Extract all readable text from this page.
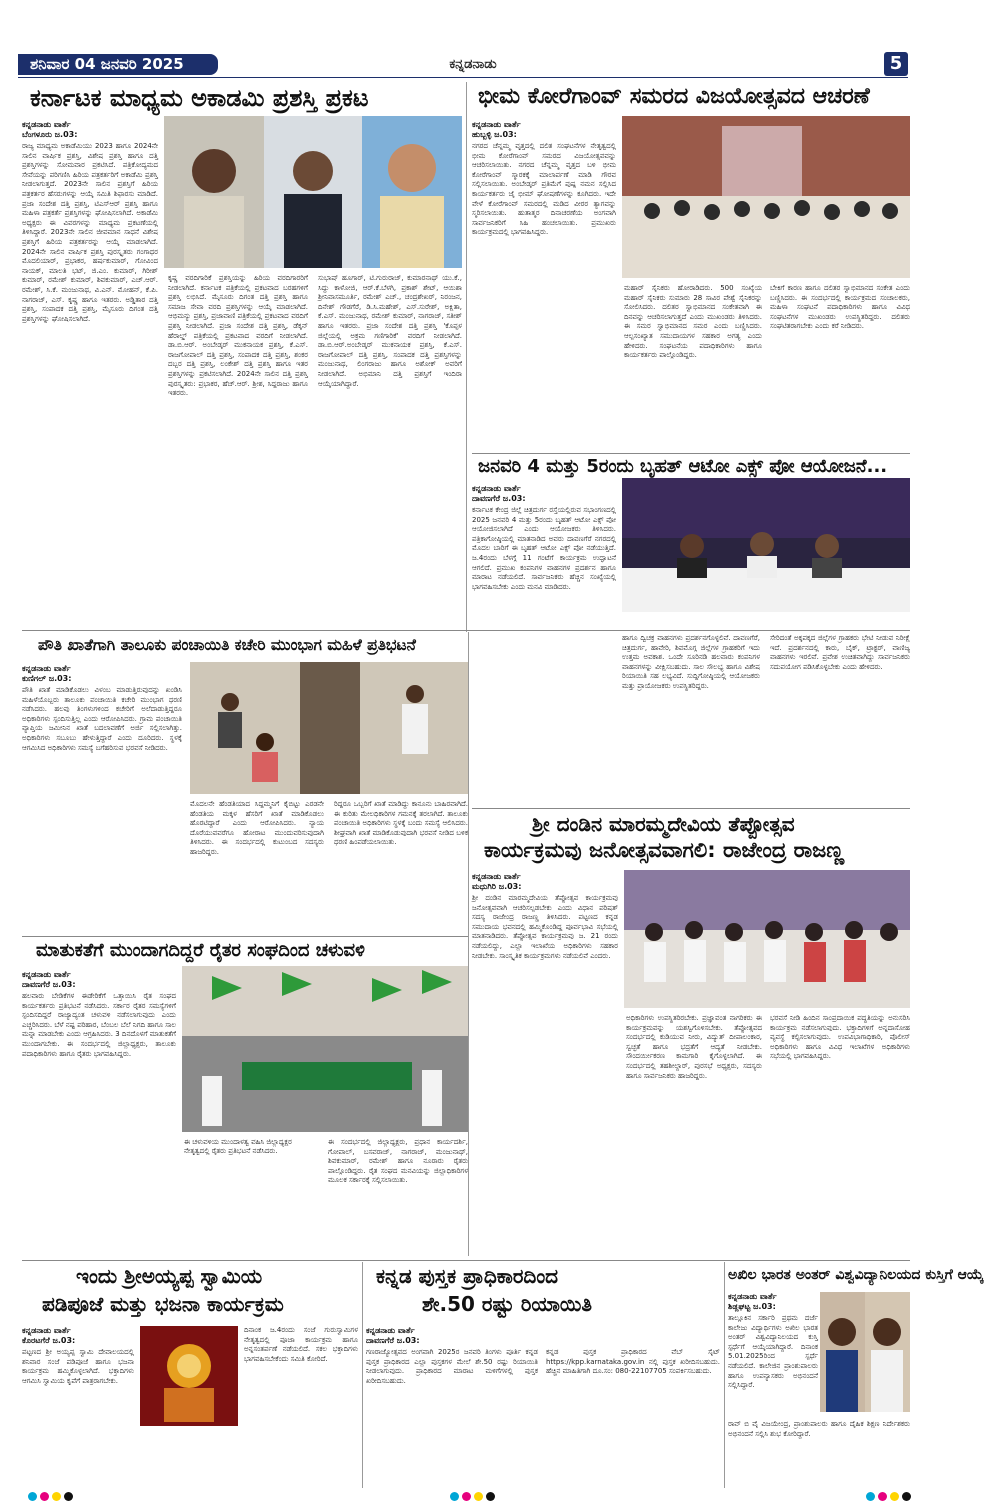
ಶನಿವಾರ 04 ಜನವರಿ 2025	ಕನ್ನಡನಾಡು	5
ಕರ್ನಾಟಕ ಮಾಧ್ಯಮ ಅಕಾಡಮಿ ಪ್ರಶಸ್ತಿ ಪ್ರಕಟ
ಕನ್ನಡನಾಡು ವಾರ್ತೆ
ಬೆಂಗಳೂರು ಜ.03:
ರಾಜ್ಯ ಮಾಧ್ಯಮ ಅಕಾಡೆಮಿಯು 2023 ಹಾಗೂ 2024ನೇ ಸಾಲಿನ ವಾರ್ಷಿಕ ಪ್ರಶಸ್ತಿ, ವಿಶೇಷ ಪ್ರಶಸ್ತಿ ಹಾಗೂ ದತ್ತಿ ಪ್ರಶಸ್ತಿಗಳನ್ನು ಸೋಮವಾರ ಪ್ರಕಟಿಸಿದೆ. ಪತ್ರಿಕೋದ್ಯಮದ ಸೇವೆಯನ್ನು ಪರಿಗಣಿಸಿ ಹಿರಿಯ ಪತ್ರಕರ್ತರಿಗೆ ಅಕಾಡೆಮಿ ಪ್ರಶಸ್ತಿ ನೀಡಲಾಗುತ್ತದೆ. 2023ನೇ ಸಾಲಿನ ಪ್ರಶಸ್ತಿಗೆ ಹಿರಿಯ ಪತ್ರಕರ್ತರ ಹೆಸರುಗಳನ್ನು ಆಯ್ಕೆ ಸಮಿತಿ ಶಿಫಾರಸು ಮಾಡಿದೆ. ಪ್ರಜಾ ಸಂದೇಶ ದತ್ತಿ ಪ್ರಶಸ್ತಿ, ಟಿಎಸ್ಆರ್ ಪ್ರಶಸ್ತಿ ಹಾಗೂ ಮಹಿಳಾ ಪತ್ರಕರ್ತೆ ಪ್ರಶಸ್ತಿಗಳನ್ನು ಘೋಷಿಸಲಾಗಿದೆ. ಅಕಾಡೆಮಿ ಅಧ್ಯಕ್ಷರು ಈ ವಿವರಗಳನ್ನು ಮಾಧ್ಯಮ ಪ್ರಕಟಣೆಯಲ್ಲಿ ತಿಳಿಸಿದ್ದಾರೆ. 2023ನೇ ಸಾಲಿನ ಜೀವಮಾನ ಸಾಧನೆ ವಿಶೇಷ ಪ್ರಶಸ್ತಿಗೆ ಹಿರಿಯ ಪತ್ರಕರ್ತರನ್ನು ಆಯ್ಕೆ ಮಾಡಲಾಗಿದೆ. 2024ನೇ ಸಾಲಿನ ವಾರ್ಷಿಕ ಪ್ರಶಸ್ತಿ ಪುರಸ್ಕೃತರು ಗಂಗಾಧರ ಮೊದಲಿಯಾರ್, ಪ್ರಭಾಕರ, ಹರ್ಷಕುಮಾರ್, ಗೋವಿಂದ ನಾಯಕ್, ಮಾಲತಿ ಭಟ್, ಜಿ.ಎಂ. ಕುಮಾರ್, ಗಿರೀಶ್ ಕುಮಾರ್, ರಮೇಶ್ ಕುಮಾರ್, ಶಿವಕುಮಾರ್, ಎಚ್.ಆರ್. ರಮೇಶ್, ಸಿ.ಕೆ. ಮಂಜುನಾಥ, ವಿ.ಎನ್. ಮೋಹನ್, ಕೆ.ಪಿ. ನಾಗರಾಜ್, ಎಸ್. ಕೃಷ್ಣ ಹಾಗೂ ಇತರರು. ಅಡ್ಡಿತಾರ ದತ್ತಿ ಪ್ರಶಸ್ತಿ, ಸಂಪಾದಕ ದತ್ತಿ ಪ್ರಶಸ್ತಿ, ಮೈಸೂರು ದಿಗಂತ ದತ್ತಿ ಪ್ರಶಸ್ತಿಗಳನ್ನು ಘೋಷಿಸಲಾಗಿದೆ.
ಕೃಷ್ಣ ವರದಿಗಾರಿಕೆ ಪ್ರಶಸ್ತಿಯನ್ನು ಹಿರಿಯ ವರದಿಗಾರರಿಗೆ ನೀಡಲಾಗಿದೆ. ಕರ್ನಾಟಕ ಪತ್ರಿಕೆಯಲ್ಲಿ ಪ್ರಕಟವಾದ ಬರಹಗಳಿಗೆ ಪ್ರಶಸ್ತಿ ಲಭಿಸಿದೆ. ಮೈಸೂರು ದಿಗಂತ ದತ್ತಿ ಪ್ರಶಸ್ತಿ ಹಾಗೂ ಸಮಾಜ ಸೇವಾ ವರದಿ ಪ್ರಶಸ್ತಿಗಳನ್ನು ಆಯ್ಕೆ ಮಾಡಲಾಗಿದೆ. ಆಭಿಮನ್ಯು ಪ್ರಶಸ್ತಿ, ಪ್ರಜಾವಾಣಿ ಪತ್ರಿಕೆಯಲ್ಲಿ ಪ್ರಕಟವಾದ ವರದಿಗೆ ಪ್ರಶಸ್ತಿ ನೀಡಲಾಗಿದೆ. ಪ್ರಜಾ ಸಂದೇಶ ದತ್ತಿ ಪ್ರಶಸ್ತಿ, ಡೆಕ್ಕನ್ ಹೆರಾಲ್ಡ್ ಪತ್ರಿಕೆಯಲ್ಲಿ ಪ್ರಕಟವಾದ ವರದಿಗೆ ನೀಡಲಾಗಿದೆ. ಡಾ.ಬಿ.ಆರ್. ಅಂಬೇಡ್ಕರ್ ಮುಕನಾಯಕ ಪ್ರಶಸ್ತಿ, ಕೆ.ಎಸ್. ರಾಜಗೋಪಾಲ್ ದತ್ತಿ ಪ್ರಶಸ್ತಿ, ಸಂಪಾದಕ ದತ್ತಿ ಪ್ರಶಸ್ತಿ, ಶಂಕರ ದಬ್ಬರ ದತ್ತಿ ಪ್ರಶಸ್ತಿ, ಲಂಕೇಶ್ ದತ್ತಿ ಪ್ರಶಸ್ತಿ ಹಾಗೂ ಇತರ ಪ್ರಶಸ್ತಿಗಳನ್ನು ಪ್ರಕಟಿಸಲಾಗಿದೆ. 2024ನೇ ಸಾಲಿನ ದತ್ತಿ ಪ್ರಶಸ್ತಿ ಪುರಸ್ಕೃತರು: ಪ್ರಭಾಕರ, ಹೆಚ್.ಆರ್. ಶ್ರೀಶ, ಸಿದ್ದರಾಜು ಹಾಗೂ ಇತರರು.
ಸುಭಾಷ್ ಹೂಗಾರ್, ಟಿ.ಗುರುರಾಜ್, ಕುಮಾರನಾಥ್ ಯು.ಕೆ., ಸಿದ್ದು ಕಾಳೋಜಿ, ಆರ್.ಕೆ.ಬೆಳಗಿ, ಪ್ರಕಾಶ್ ಶೇಟ್, ಆಯಿಶಾ ಶ್ರೀನಿವಾಸಮೂರ್ತಿ, ರಮೇಶ್ ಎಚ್., ಚಂದ್ರಶೇಖರ್, ನಿರಂಜನ, ದಿನೇಶ್ ಗೌಡಗೆರೆ, ಡಿ.ಸಿ.ಮಹೇಶ್, ಎಸ್.ಸುರೇಶ್, ಅಕ್ಷಿತಾ, ಕೆ.ಎಸ್. ಮಂಜುನಾಥ, ರಮೇಶ್ ಕುಮಾರ್, ನಾಗರಾಜ್, ಸತೀಶ್ ಹಾಗೂ ಇತರರು. ಪ್ರಜಾ ಸಂದೇಶ ದತ್ತಿ ಪ್ರಶಸ್ತಿ 'ಕೊಪ್ಪಳ ಜಿಲ್ಲೆಯಲ್ಲಿ ಅಕ್ರಮ ಗಣಿಗಾರಿಕೆ' ವರದಿಗೆ ನೀಡಲಾಗಿದೆ. ಡಾ.ಬಿ.ಆರ್.ಅಂಬೇಡ್ಕರ್ ಮುಕನಾಯಕ ಪ್ರಶಸ್ತಿ, ಕೆ.ಎಸ್. ರಾಜಗೋಪಾಲ್ ದತ್ತಿ ಪ್ರಶಸ್ತಿ, ಸಂಪಾದಕ ದತ್ತಿ ಪ್ರಶಸ್ತಿಗಳನ್ನು ಮಂಜುನಾಥ, ಲಿಂಗರಾಜು ಹಾಗೂ ಅಶೋಕ್ ಅವರಿಗೆ ನೀಡಲಾಗಿದೆ. ಅಭಿಮಾನಿ ದತ್ತಿ ಪ್ರಶಸ್ತಿಗೆ ಇಂದಿರಾ ಆಯ್ಕೆಯಾಗಿದ್ದಾರೆ.
ಭೀಮ ಕೋರೆಗಾಂವ್ ಸಮರದ ವಿಜಯೋತ್ಸವದ ಆಚರಣೆ
ಕನ್ನಡನಾಡು ವಾರ್ತೆ
ಹುಬ್ಬಳ್ಳಿ ಜ.03:
ನಗರದ ಚೆನ್ನಮ್ಮ ವೃತ್ತದಲ್ಲಿ ದಲಿತ ಸಂಘಟನೆಗಳ ನೇತೃತ್ವದಲ್ಲಿ ಭೀಮ ಕೋರೆಗಾಂವ್ ಸಮರದ ವಿಜಯೋತ್ಸವವನ್ನು ಆಚರಿಸಲಾಯಿತು. ನಗರದ ಚೆನ್ನಮ್ಮ ವೃತ್ತದ ಬಳಿ ಭೀಮ ಕೋರೆಗಾಂವ್ ಸ್ಮಾರಕಕ್ಕೆ ಮಾಲಾರ್ಪಣೆ ಮಾಡಿ ಗೌರವ ಸಲ್ಲಿಸಲಾಯಿತು. ಅಂಬೇಡ್ಕರ್ ಪ್ರತಿಮೆಗೆ ಪುಷ್ಪ ನಮನ ಸಲ್ಲಿಸಿದ ಕಾರ್ಯಕರ್ತರು ಜೈ ಭೀಮ್ ಘೋಷಣೆಗಳನ್ನು ಕೂಗಿದರು. ಇದೇ ವೇಳೆ ಕೋರೆಗಾಂವ್ ಸಮರದಲ್ಲಿ ಮಡಿದ ವೀರರ ತ್ಯಾಗವನ್ನು ಸ್ಮರಿಸಲಾಯಿತು. ಹುತಾತ್ಮರ ದಿನಾಚರಣೆಯ ಅಂಗವಾಗಿ ಸಾರ್ವಜನಿಕರಿಗೆ ಸಿಹಿ ಹಂಚಲಾಯಿತು. ಪ್ರಮುಖರು ಕಾರ್ಯಕ್ರಮದಲ್ಲಿ ಭಾಗವಹಿಸಿದ್ದರು.
ಮಹಾರ್ ಸೈನಿಕರು ಹೋರಾಡಿದರು. 500 ಸಂಖ್ಯೆಯ ಮಹಾರ್ ಸೈನಿಕರು ಸುಮಾರು 28 ಸಾವಿರ ಪೇಶ್ವೆ ಸೈನಿಕರನ್ನು ಸೋಲಿಸಿದರು. ದಲಿತರ ಸ್ವಾಭಿಮಾನದ ಸಂಕೇತವಾಗಿ ಈ ದಿನವನ್ನು ಆಚರಿಸಲಾಗುತ್ತದೆ ಎಂದು ಮುಖಂಡರು ತಿಳಿಸಿದರು. ಈ ಸಮರ ಸ್ವಾಭಿಮಾನದ ಸಮರ ಎಂದು ಬಣ್ಣಿಸಿದರು. ಆಲ್ಪಸಂಖ್ಯಾತ ಸಮುದಾಯಗಳ ಸಹಕಾರ ಅಗತ್ಯ ಎಂದು ಹೇಳಿದರು. ಸಂಘಟನೆಯ ಪದಾಧಿಕಾರಿಗಳು ಹಾಗೂ ಕಾರ್ಯಕರ್ತರು ಪಾಲ್ಗೊಂಡಿದ್ದರು.
ಬೇಕಿಗೆ ಕಾರಣ ಹಾಗೂ ದಲಿತರ ಸ್ವಾಭಿಮಾನದ ಸಂಕೇತ ಎಂದು ಬಣ್ಣಿಸಿದರು. ಈ ಸಂದರ್ಭದಲ್ಲಿ ಕಾರ್ಯಕ್ರಮದ ಸಂಚಾಲಕರು, ಮಹಿಳಾ ಸಂಘಟನೆ ಪದಾಧಿಕಾರಿಗಳು ಹಾಗೂ ವಿವಿಧ ಸಂಘಟನೆಗಳ ಮುಖಂಡರು ಉಪಸ್ಥಿತರಿದ್ದರು. ದಲಿತರು ಸಂಘಟಿತರಾಗಬೇಕು ಎಂದು ಕರೆ ನೀಡಿದರು.
ಜನವರಿ 4 ಮತ್ತು 5ರಂದು ಬೃಹತ್ ಆಟೋ ಎಕ್ಸ್ ಪೋ ಆಯೋಜನೆ...
ಕನ್ನಡನಾಡು ವಾರ್ತೆ
ದಾವಣಗೆರೆ ಜ.03:
ಕರ್ನಾಟಕ ಕೇಂದ್ರ ಜಿಲ್ಲೆ ಚಿತ್ರದುರ್ಗ ರಸ್ತೆಯಲ್ಲಿರುವ ಸಭಾಂಗಣದಲ್ಲಿ 2025 ಜನವರಿ 4 ಮತ್ತು 5ರಂದು ಬೃಹತ್ ಆಟೋ ಎಕ್ಸ್ ಪೋ ಆಯೋಜಿಸಲಾಗಿದೆ ಎಂದು ಆಯೋಜಕರು ತಿಳಿಸಿದರು. ಪತ್ರಿಕಾಗೋಷ್ಠಿಯಲ್ಲಿ ಮಾತನಾಡಿದ ಅವರು ದಾವಣಗೆರೆ ನಗರದಲ್ಲಿ ಮೊದಲ ಬಾರಿಗೆ ಈ ಬೃಹತ್ ಆಟೋ ಎಕ್ಸ್ ಪೋ ನಡೆಯುತ್ತಿದೆ. ಜ.4ರಂದು ಬೆಳಗ್ಗೆ 11 ಗಂಟೆಗೆ ಕಾರ್ಯಕ್ರಮ ಉದ್ಘಾಟನೆ ಆಗಲಿದೆ. ಪ್ರಮುಖ ಕಂಪನಿಗಳ ವಾಹನಗಳ ಪ್ರದರ್ಶನ ಹಾಗೂ ಮಾರಾಟ ನಡೆಯಲಿದೆ. ಸಾರ್ವಜನಿಕರು ಹೆಚ್ಚಿನ ಸಂಖ್ಯೆಯಲ್ಲಿ ಭಾಗವಹಿಸಬೇಕು ಎಂದು ಮನವಿ ಮಾಡಿದರು.
ಪೌತಿ ಖಾತೆಗಾಗಿ ತಾಲೂಕು ಪಂಚಾಯಿತಿ ಕಚೇರಿ ಮುಂಭಾಗ ಮಹಿಳೆ ಪ್ರತಿಭಟನೆ
ಕನ್ನಡನಾಡು ವಾರ್ತೆ
ಕುಣಿಗಲ್ ಜ.03:
ಪೌತಿ ಖಾತೆ ಮಾಡಿಕೊಡಲು ವಿಳಂಬ ಮಾಡುತ್ತಿರುವುದನ್ನು ಖಂಡಿಸಿ ಮಹಿಳೆಯೊಬ್ಬರು ತಾಲೂಕು ಪಂಚಾಯಿತಿ ಕಚೇರಿ ಮುಂಭಾಗ ಧರಣಿ ನಡೆಸಿದರು. ಹಲವು ತಿಂಗಳುಗಳಿಂದ ಕಚೇರಿಗೆ ಅಲೆದಾಡುತ್ತಿದ್ದರೂ ಅಧಿಕಾರಿಗಳು ಸ್ಪಂದಿಸುತ್ತಿಲ್ಲ ಎಂದು ಆರೋಪಿಸಿದರು. ಗ್ರಾಮ ಪಂಚಾಯಿತಿ ವ್ಯಾಪ್ತಿಯ ಜಮೀನಿನ ಖಾತೆ ಬದಲಾವಣೆಗೆ ಅರ್ಜಿ ಸಲ್ಲಿಸಲಾಗಿತ್ತು. ಅಧಿಕಾರಿಗಳು ಸಬೂಬು ಹೇಳುತ್ತಿದ್ದಾರೆ ಎಂದು ದೂರಿದರು. ಸ್ಥಳಕ್ಕೆ ಆಗಮಿಸಿದ ಅಧಿಕಾರಿಗಳು ಸಮಸ್ಯೆ ಬಗೆಹರಿಸುವ ಭರವಸೆ ನೀಡಿದರು.
ಮೊದಲನೇ ಹೆಂಡತಿಯಾದ ಸಿದ್ದಮ್ಮನಿಗೆ ಕೈಬಿಟ್ಟು ಎರಡನೇ ಹೆಂಡತಿಯ ಮಕ್ಕಳ ಹೆಸರಿಗೆ ಖಾತೆ ಮಾಡಿಕೊಡಲು ಹೊರಟಿದ್ದಾರೆ ಎಂದು ಆರೋಪಿಸಿದರು. ನ್ಯಾಯ ದೊರೆಯುವವರೆಗೂ ಹೋರಾಟ ಮುಂದುವರಿಸುವುದಾಗಿ ತಿಳಿಸಿದರು. ಈ ಸಂದರ್ಭದಲ್ಲಿ ಕುಟುಂಬದ ಸದಸ್ಯರು ಹಾಜರಿದ್ದರು.
ರಿದ್ದರೂ ಒಬ್ಬರಿಗೆ ಖಾತೆ ಮಾಡಿದ್ದು ಕಾನೂನು ಬಾಹಿರವಾಗಿದೆ. ಈ ಕುರಿತು ಮೇಲಧಿಕಾರಿಗಳ ಗಮನಕ್ಕೆ ತರಲಾಗಿದೆ. ತಾಲೂಕು ಪಂಚಾಯಿತಿ ಅಧಿಕಾರಿಗಳು ಸ್ಥಳಕ್ಕೆ ಬಂದು ಸಮಸ್ಯೆ ಆಲಿಸಿದರು. ಶೀಘ್ರವಾಗಿ ಖಾತೆ ಮಾಡಿಕೊಡುವುದಾಗಿ ಭರವಸೆ ನೀಡಿದ ಬಳಿಕ ಧರಣಿ ಹಿಂಪಡೆಯಲಾಯಿತು.
ಹಾಗೂ ದ್ವಿಚಕ್ರ ವಾಹನಗಳು ಪ್ರದರ್ಶನಗೊಳ್ಳಲಿವೆ. ದಾವಣಗೆರೆ, ಚಿತ್ರದುರ್ಗ, ಹಾವೇರಿ, ಶಿವಮೊಗ್ಗ ಜಿಲ್ಲೆಗಳ ಗ್ರಾಹಕರಿಗೆ ಇದು ಉತ್ತಮ ಅವಕಾಶ. ಒಂದೇ ಸೂರಿನಡಿ ಹಲವಾರು ಕಂಪನಿಗಳ ವಾಹನಗಳನ್ನು ವೀಕ್ಷಿಸಬಹುದು. ಸಾಲ ಸೌಲಭ್ಯ ಹಾಗೂ ವಿಶೇಷ ರಿಯಾಯಿತಿ ಸಹ ಲಭ್ಯವಿದೆ. ಸುದ್ದಿಗೋಷ್ಠಿಯಲ್ಲಿ ಆಯೋಜಕರು ಮತ್ತು ಪ್ರಾಯೋಜಕರು ಉಪಸ್ಥಿತರಿದ್ದರು.
ಸೇರಿದಂತೆ ಅಕ್ಕಪಕ್ಕದ ಜಿಲ್ಲೆಗಳ ಗ್ರಾಹಕರು ಭೇಟಿ ನೀಡುವ ನಿರೀಕ್ಷೆ ಇದೆ. ಪ್ರದರ್ಶನದಲ್ಲಿ ಕಾರು, ಬೈಕ್, ಟ್ರಾಕ್ಟರ್, ವಾಣಿಜ್ಯ ವಾಹನಗಳು ಇರಲಿವೆ. ಪ್ರವೇಶ ಉಚಿತವಾಗಿದ್ದು ಸಾರ್ವಜನಿಕರು ಸದುಪಯೋಗ ಪಡಿಸಿಕೊಳ್ಳಬೇಕು ಎಂದು ಹೇಳಿದರು.
ಶ್ರೀ ದಂಡಿನ ಮಾರಮ್ಮದೇವಿಯ ತೆಪ್ಪೋತ್ಸವ
ಕಾರ್ಯಕ್ರಮವು ಜನೋತ್ಸವವಾಗಲಿ: ರಾಜೇಂದ್ರ ರಾಜಣ್ಣ
ಕನ್ನಡನಾಡು ವಾರ್ತೆ
ಮಧುಗಿರಿ ಜ.03:
ಶ್ರೀ ದಂಡಿನ ಮಾರಮ್ಮದೇವಿಯ ತೆಪ್ಪೋತ್ಸವ ಕಾರ್ಯಕ್ರಮವು ಜನೋತ್ಸವವಾಗಿ ಆಚರಿಸಲ್ಪಡಬೇಕು ಎಂದು ವಿಧಾನ ಪರಿಷತ್ ಸದಸ್ಯ ರಾಜೇಂದ್ರ ರಾಜಣ್ಣ ತಿಳಿಸಿದರು. ಪಟ್ಟಣದ ಕನ್ನಡ ಸಮುದಾಯ ಭವನದಲ್ಲಿ ಹಮ್ಮಿಕೊಂಡಿದ್ದ ಪೂರ್ವಭಾವಿ ಸಭೆಯಲ್ಲಿ ಮಾತನಾಡಿದರು. ತೆಪ್ಪೋತ್ಸವ ಕಾರ್ಯಕ್ರಮವು ಜ. 21 ರಂದು ನಡೆಯಲಿದ್ದು, ಎಲ್ಲಾ ಇಲಾಖೆಯ ಅಧಿಕಾರಿಗಳು ಸಹಕಾರ ನೀಡಬೇಕು. ಸಾಂಸ್ಕೃತಿಕ ಕಾರ್ಯಕ್ರಮಗಳು ನಡೆಯಲಿವೆ ಎಂದರು.
ಅಧಿಕಾರಿಗಳು ಉಪಸ್ಥಿತರಿರಬೇಕು. ಪ್ರಜ್ಞಾವಂತ ನಾಗರಿಕರು ಈ ಕಾರ್ಯಕ್ರಮವನ್ನು ಯಶಸ್ವಿಗೊಳಿಸಬೇಕು. ತೆಪ್ಪೋತ್ಸವದ ಸಂದರ್ಭದಲ್ಲಿ ಕುಡಿಯುವ ನೀರು, ವಿದ್ಯುತ್ ದೀಪಾಲಂಕಾರ, ಸ್ವಚ್ಛತೆ ಹಾಗೂ ಭದ್ರತೆಗೆ ಆದ್ಯತೆ ನೀಡಬೇಕು. ಸೌಂದರ್ಯೀಕರಣ ಕಾಮಗಾರಿ ಕೈಗೊಳ್ಳಲಾಗಿದೆ. ಈ ಸಂದರ್ಭದಲ್ಲಿ ತಹಶೀಲ್ದಾರ್, ಪುರಸಭೆ ಅಧ್ಯಕ್ಷರು, ಸದಸ್ಯರು ಹಾಗೂ ಸಾರ್ವಜನಿಕರು ಹಾಜರಿದ್ದರು.
ಭರವಸೆ ನೀಡಿ ಹಿಂದಿನ ಸಾಂಪ್ರದಾಯಿಕ ಪದ್ಧತಿಯನ್ನು ಅನುಸರಿಸಿ ಕಾರ್ಯಕ್ರಮ ನಡೆಸಲಾಗುವುದು. ಭಕ್ತಾದಿಗಳಿಗೆ ಅನ್ನದಾಸೋಹ ವ್ಯವಸ್ಥೆ ಕಲ್ಪಿಸಲಾಗುವುದು. ಉಪವಿಭಾಗಾಧಿಕಾರಿ, ಪೊಲೀಸ್ ಅಧಿಕಾರಿಗಳು ಹಾಗೂ ವಿವಿಧ ಇಲಾಖೆಗಳ ಅಧಿಕಾರಿಗಳು ಸಭೆಯಲ್ಲಿ ಭಾಗವಹಿಸಿದ್ದರು.
ಮಾತುಕತೆಗೆ ಮುಂದಾಗದಿದ್ದರೆ ರೈತರ ಸಂಘದಿಂದ ಚಳುವಳಿ
ಕನ್ನಡನಾಡು ವಾರ್ತೆ
ದಾವಣಗೆರೆ ಜ.03:
ಹಲವಾರು ಬೇಡಿಕೆಗಳ ಈಡೇರಿಕೆಗೆ ಒತ್ತಾಯಿಸಿ ರೈತ ಸಂಘದ ಕಾರ್ಯಕರ್ತರು ಪ್ರತಿಭಟನೆ ನಡೆಸಿದರು. ಸರ್ಕಾರ ರೈತರ ಸಮಸ್ಯೆಗಳಿಗೆ ಸ್ಪಂದಿಸದಿದ್ದರೆ ರಾಜ್ಯಾದ್ಯಂತ ಚಳುವಳಿ ನಡೆಸಲಾಗುವುದು ಎಂದು ಎಚ್ಚರಿಸಿದರು. ಬೆಳೆ ನಷ್ಟ ಪರಿಹಾರ, ಬೆಂಬಲ ಬೆಲೆ ನಿಗದಿ ಹಾಗೂ ಸಾಲ ಮನ್ನಾ ಮಾಡಬೇಕು ಎಂದು ಆಗ್ರಹಿಸಿದರು. 3 ದಿನದೊಳಗೆ ಮಾತುಕತೆಗೆ ಮುಂದಾಗಬೇಕು. ಈ ಸಂದರ್ಭದಲ್ಲಿ ಜಿಲ್ಲಾಧ್ಯಕ್ಷರು, ತಾಲೂಕು ಪದಾಧಿಕಾರಿಗಳು ಹಾಗೂ ರೈತರು ಭಾಗವಹಿಸಿದ್ದರು.
ಈ ಚಳುವಳಿಯ ಮುಂದಾಳತ್ವ ವಹಿಸಿ ಜಿಲ್ಲಾಧ್ಯಕ್ಷರ ನೇತೃತ್ವದಲ್ಲಿ ರೈತರು ಪ್ರತಿಭಟನೆ ನಡೆಸಿದರು.
ಈ ಸಂದರ್ಭದಲ್ಲಿ ಜಿಲ್ಲಾಧ್ಯಕ್ಷರು, ಪ್ರಧಾನ ಕಾರ್ಯದರ್ಶಿ, ಗೋಪಾಲ್, ಬಸವರಾಜ್, ನಾಗರಾಜ್, ಮಂಜುನಾಥ್, ಶಿವಕುಮಾರ್, ರಮೇಶ್ ಹಾಗೂ ನೂರಾರು ರೈತರು ಪಾಲ್ಗೊಂಡಿದ್ದರು. ರೈತ ಸಂಘದ ಮನವಿಯನ್ನು ಜಿಲ್ಲಾಧಿಕಾರಿಗಳ ಮೂಲಕ ಸರ್ಕಾರಕ್ಕೆ ಸಲ್ಲಿಸಲಾಯಿತು.
ಇಂದು ಶ್ರೀಅಯ್ಯಪ್ಪ ಸ್ವಾಮಿಯ
ಪಡಿಪೂಜೆ ಮತ್ತು ಭಜನಾ ಕಾರ್ಯಕ್ರಮ
ಕನ್ನಡನಾಡು ವಾರ್ತೆ
ಕೊರಟಗೆರೆ ಜ.03:
ಪಟ್ಟಣದ ಶ್ರೀ ಅಯ್ಯಪ್ಪ ಸ್ವಾಮಿ ದೇವಾಲಯದಲ್ಲಿ ಶನಿವಾರ ಸಂಜೆ ಪಡಿಪೂಜೆ ಹಾಗೂ ಭಜನಾ ಕಾರ್ಯಕ್ರಮ ಹಮ್ಮಿಕೊಳ್ಳಲಾಗಿದೆ. ಭಕ್ತಾದಿಗಳು ಆಗಮಿಸಿ ಸ್ವಾಮಿಯ ಕೃಪೆಗೆ ಪಾತ್ರರಾಗಬೇಕು.
ದಿನಾಂಕ ಜ.4ರಂದು ಸಂಜೆ ಗುರುಸ್ವಾಮಿಗಳ ನೇತೃತ್ವದಲ್ಲಿ ಪೂಜಾ ಕಾರ್ಯಕ್ರಮ ಹಾಗೂ ಅನ್ನಸಂತರ್ಪಣೆ ನಡೆಯಲಿದೆ. ಸಕಲ ಭಕ್ತಾದಿಗಳು ಭಾಗವಹಿಸಬೇಕೆಂದು ಸಮಿತಿ ಕೋರಿದೆ.
ಕನ್ನಡ ಪುಸ್ತಕ ಪ್ರಾಧಿಕಾರದಿಂದ
ಶೇ.50 ರಷ್ಟು ರಿಯಾಯಿತಿ
ಕನ್ನಡನಾಡು ವಾರ್ತೆ
ದಾವಣಗೆರೆ ಜ.03:
ಗಣರಾಜ್ಯೋತ್ಸವದ ಅಂಗವಾಗಿ 2025ರ ಜನವರಿ ತಿಂಗಳು ಪೂರ್ತಿ ಕನ್ನಡ ಪುಸ್ತಕ ಪ್ರಾಧಿಕಾರದ ಎಲ್ಲಾ ಪುಸ್ತಕಗಳ ಮೇಲೆ ಶೇ.50 ರಷ್ಟು ರಿಯಾಯಿತಿ ನೀಡಲಾಗುವುದು. ಪ್ರಾಧಿಕಾರದ ಮಾರಾಟ ಮಳಿಗೆಗಳಲ್ಲಿ ಪುಸ್ತಕ ಖರೀದಿಸಬಹುದು.
ಕನ್ನಡ ಪುಸ್ತಕ ಪ್ರಾಧಿಕಾರದ ವೆಬ್ ಸೈಟ್ https://kpp.karnataka.gov.in ನಲ್ಲಿ ಪುಸ್ತಕ ಖರೀದಿಸಬಹುದು. ಹೆಚ್ಚಿನ ಮಾಹಿತಿಗಾಗಿ ದೂ.ಸಂ: 080-22107705 ಸಂಪರ್ಕಿಸಬಹುದು.
ಅಖಿಲ ಭಾರತ ಅಂತರ್ ವಿಶ್ವವಿದ್ಯಾನಿಲಯದ ಕುಸ್ತಿಗೆ ಆಯ್ಕೆ
ಕನ್ನಡನಾಡು ವಾರ್ತೆ
ಶಿಡ್ಲಘಟ್ಟ ಜ.03:
ತಾಲ್ಲೂಕಿನ ಸರ್ಕಾರಿ ಪ್ರಥಮ ದರ್ಜೆ ಕಾಲೇಜು ವಿದ್ಯಾರ್ಥಿಗಳು ಅಖಿಲ ಭಾರತ ಅಂತರ್ ವಿಶ್ವವಿದ್ಯಾನಿಲಯದ ಕುಸ್ತಿ ಸ್ಪರ್ಧೆಗೆ ಆಯ್ಕೆಯಾಗಿದ್ದಾರೆ. ದಿನಾಂಕ 5.01.2025ರಿಂದ ಸ್ಪರ್ಧೆ ನಡೆಯಲಿದೆ. ಕಾಲೇಜಿನ ಪ್ರಾಂಶುಪಾಲರು ಹಾಗೂ ಉಪನ್ಯಾಸಕರು ಅಭಿನಂದನೆ ಸಲ್ಲಿಸಿದ್ದಾರೆ.
ರಾವ್ ಬಿ ವೈ ವಿಜಯೇಂದ್ರ, ಪ್ರಾಂಶುಪಾಲರು ಹಾಗೂ ದೈಹಿಕ ಶಿಕ್ಷಣ ನಿರ್ದೇಶಕರು ಅಭಿನಂದನೆ ಸಲ್ಲಿಸಿ ಶುಭ ಕೋರಿದ್ದಾರೆ.
